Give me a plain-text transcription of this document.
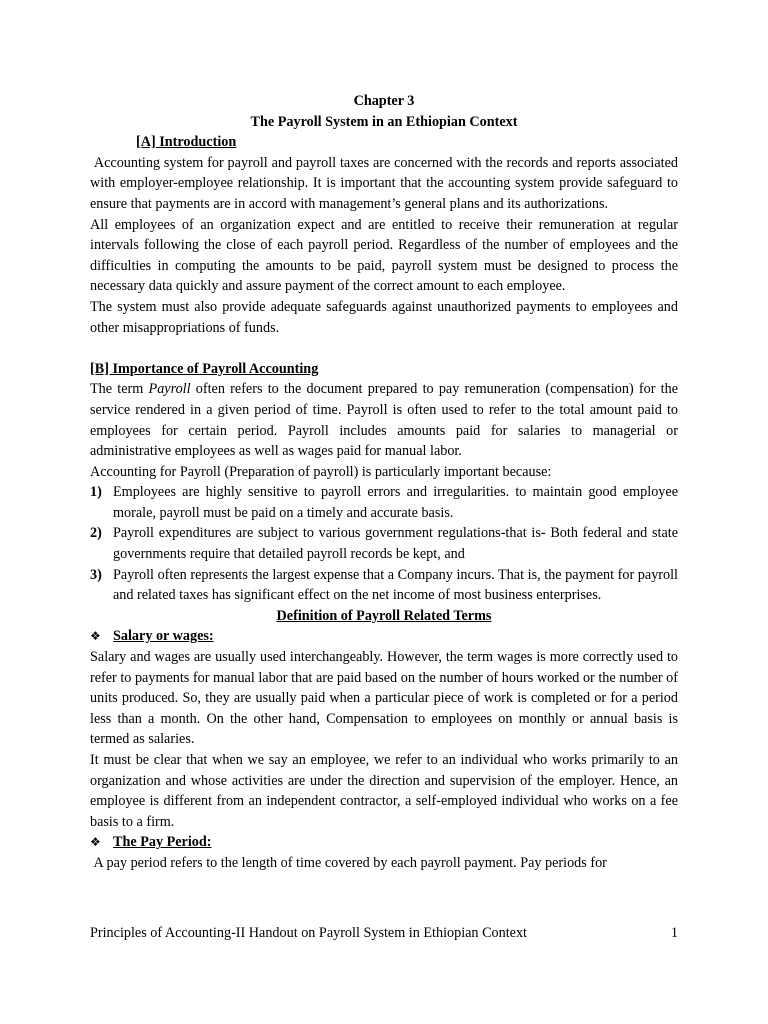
Chapter 3
The Payroll System in an Ethiopian Context
[A] Introduction

Accounting system for payroll and payroll taxes are concerned with the records and reports associated with employer-employee relationship. It is important that the accounting system provide safeguard to ensure that payments are in accord with management’s general plans and its authorizations.

All employees of an organization expect and are entitled to receive their remuneration at regular intervals following the close of each payroll period. Regardless of the number of employees and the difficulties in computing the amounts to be paid, payroll system must be designed to process the necessary data quickly and assure payment of the correct amount to each employee.

The system must also provide adequate safeguards against unauthorized payments to employees and other misappropriations of funds.

[B] Importance of Payroll Accounting

The term Payroll often refers to the document prepared to pay remuneration (compensation) for the service rendered in a given period of time. Payroll is often used to refer to the total amount paid to employees for certain period. Payroll includes amounts paid for salaries to managerial or administrative employees as well as wages paid for manual labor.

Accounting for Payroll (Preparation of payroll) is particularly important because:

1) Employees are highly sensitive to payroll errors and irregularities. to maintain good employee morale, payroll must be paid on a timely and accurate basis.
2) Payroll expenditures are subject to various government regulations-that is- Both federal and state governments require that detailed payroll records be kept, and
3) Payroll often represents the largest expense that a Company incurs. That is, the payment for payroll and related taxes has significant effect on the net income of most business enterprises.
Definition of Payroll Related Terms
❖ Salary or wages:

Salary and wages are usually used interchangeably. However, the term wages is more correctly used to refer to payments for manual labor that are paid based on the number of hours worked or the number of units produced. So, they are usually paid when a particular piece of work is completed or for a period less than a month. On the other hand, Compensation to employees on monthly or annual basis is termed as salaries.

It must be clear that when we say an employee, we refer to an individual who works primarily to an organization and whose activities are under the direction and supervision of the employer. Hence, an employee is different from an independent contractor, a self-employed individual who works on a fee basis to a firm.

❖ The Pay Period:

A pay period refers to the length of time covered by each payroll payment. Pay periods for

Principles of Accounting-II Handout on Payroll System in Ethiopian Context	1
